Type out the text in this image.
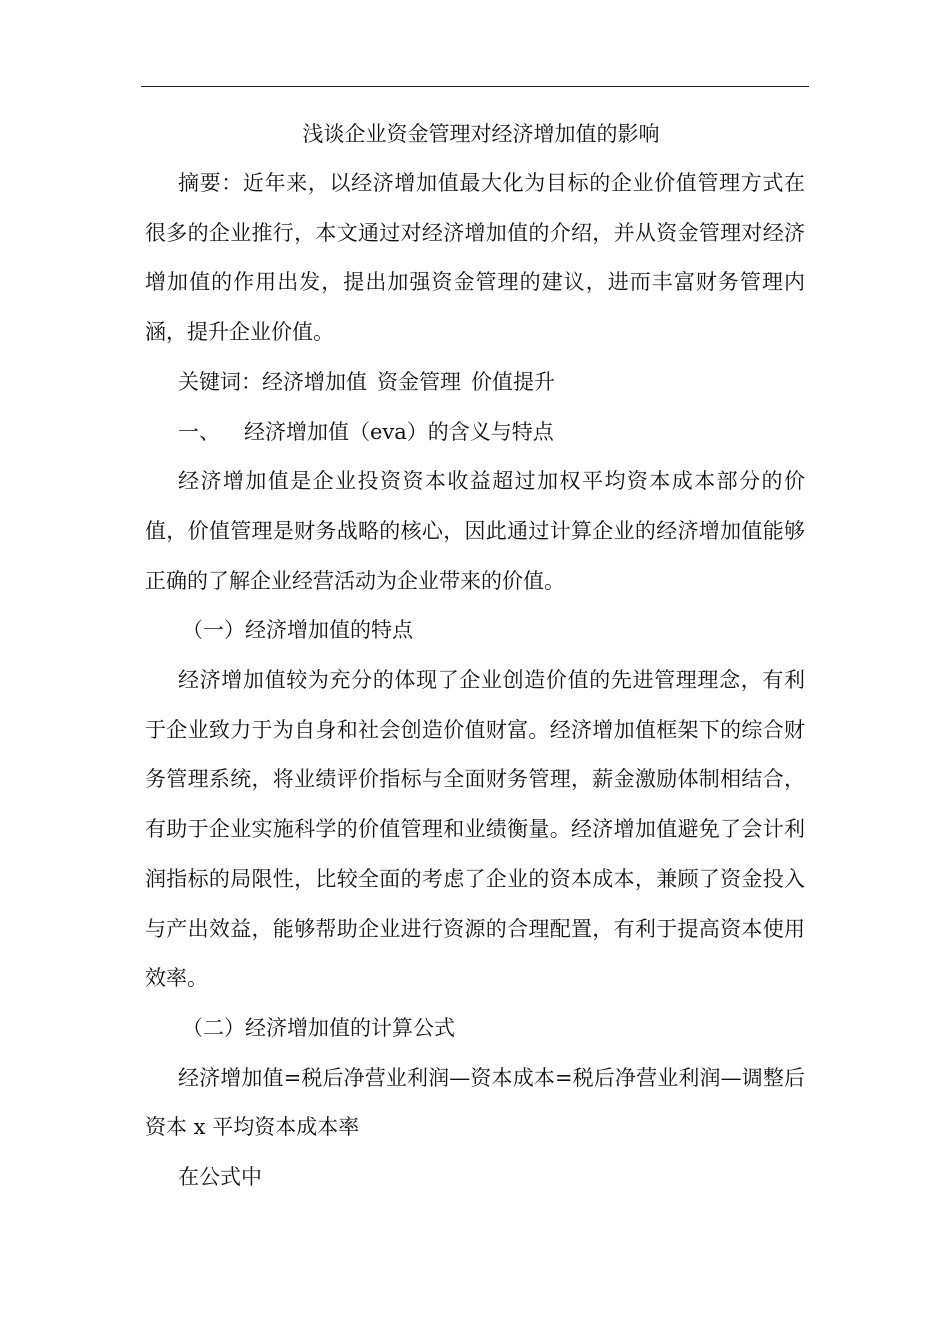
浅谈企业资金管理对经济增加值的影响

摘要：近年来，以经济增加值最大化为目标的企业价值管理方式在很多的企业推行，本文通过对经济增加值的介绍，并从资金管理对经济增加值的作用出发，提出加强资金管理的建议，进而丰富财务管理内涵，提升企业价值。

关键词：经济增加值 资金管理 价值提升

一、 经济增加值（eva）的含义与特点

经济增加值是企业投资资本收益超过加权平均资本成本部分的价值，价值管理是财务战略的核心，因此通过计算企业的经济增加值能够正确的了解企业经营活动为企业带来的价值。

（一）经济增加值的特点

经济增加值较为充分的体现了企业创造价值的先进管理理念，有利于企业致力于为自身和社会创造价值财富。经济增加值框架下的综合财务管理系统，将业绩评价指标与全面财务管理，薪金激励体制相结合，有助于企业实施科学的价值管理和业绩衡量。经济增加值避免了会计利润指标的局限性，比较全面的考虑了企业的资本成本，兼顾了资金投入与产出效益，能够帮助企业进行资源的合理配置，有利于提高资本使用效率。

（二）经济增加值的计算公式

经济增加值=税后净营业利润—资本成本=税后净营业利润—调整后资本 x 平均资本成本率

在公式中
